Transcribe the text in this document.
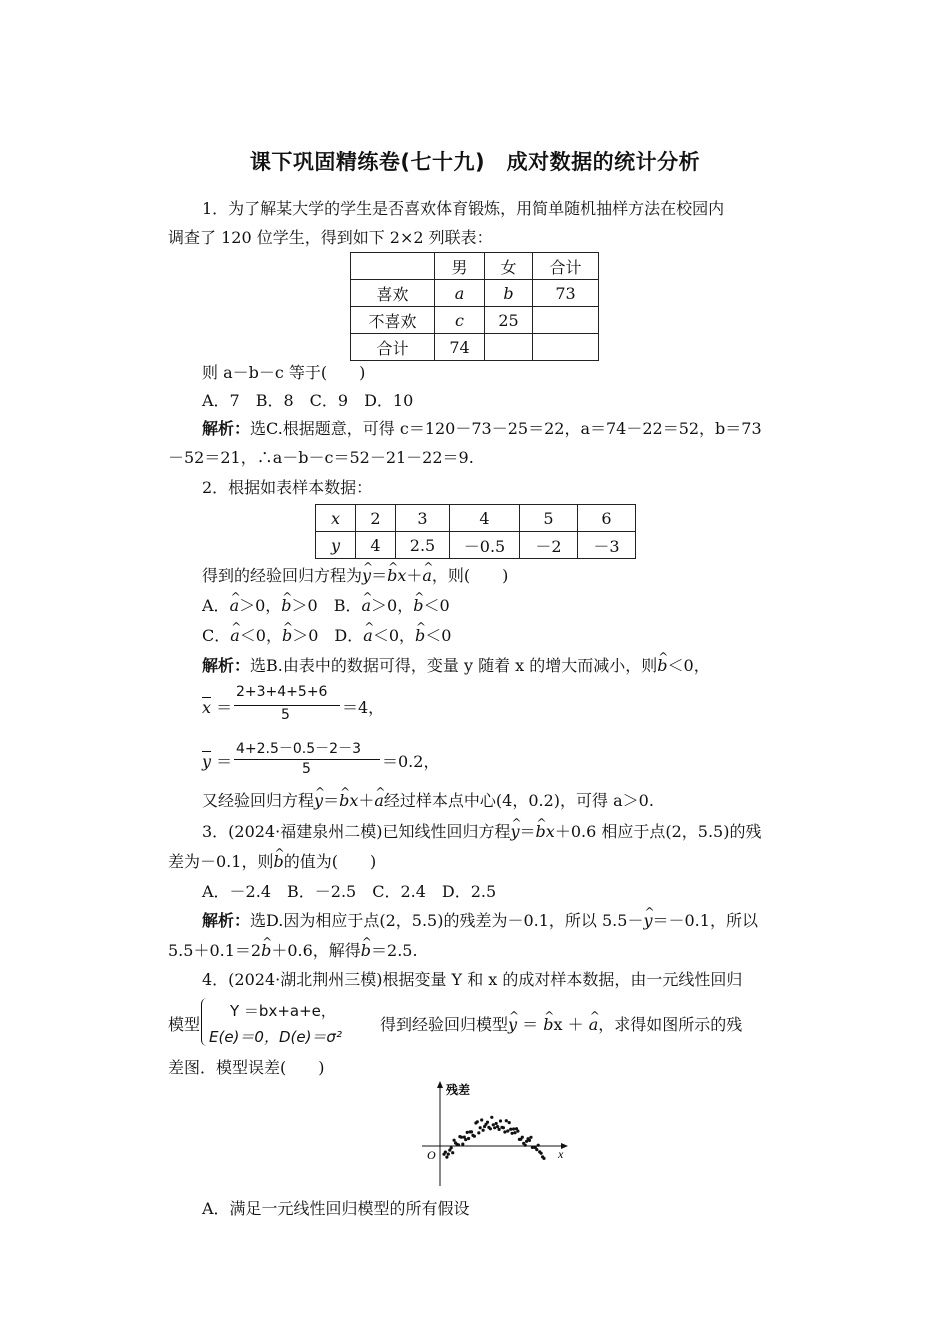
课下巩固精练卷(七十九)　成对数据的统计分析
1．为了解某大学的学生是否喜欢体育锻炼，用简单随机抽样方法在校园内
调查了 120 位学生，得到如下 2×2 列联表：
	男	女	合计
喜欢	a	b	73
不喜欢	c	25	
合计	74		
则 a－b－c 等于(　　)
A．7　B．8　C．9　D．10
解析：选C.根据题意，可得 c＝120－73－25＝22，a＝74－22＝52，b＝73
－52＝21，∴a－b－c＝52－21－22＝9.
2．根据如表样本数据：
x	2	3	4	5	6
y	4	2.5	－0.5	－2	－3
得到的经验回归方程为^ y＝^ bx＋^ a，则(　　)
A．^ a＞0，^ b＞0　B．^ a＞0，^ b＜0
C．^ a＜0，^ b＞0　D．^ a＜0，^ b＜0
解析：选B.由表中的数据可得，变量 y 随着 x 的增大而减小，则^ b＜0，
$\overline{x}$ ＝
2+3+4+5+6
5	＝4，
$\overline{y}$ ＝
4+2.5－0.5－2－3
5	＝0.2，
又经验回归方程^ y＝^ bx＋^ a经过样本点中心(4，0.2)，可得 a＞0.
3．(2024·福建泉州二模)已知线性回归方程^ y＝^ bx＋0.6 相应于点(2，5.5)的残
差为－0.1，则^ b的值为(　　)
A．－2.4　B．－2.5　C．2.4　D．2.5
解析：选D.因为相应于点(2，5.5)的残差为－0.1，所以 5.5－^ y＝－0.1，所以
5.5＋0.1＝2^ b＋0.6，解得^ b＝2.5.
4．(2024·湖北荆州三模)根据变量 Y 和 x 的成对样本数据，由一元线性回归
模型
Y ＝bx+a+e，
E(e)＝0，D(e)＝σ²
得到经验回归模型^ y ＝ ^ bx ＋ ^ a，求得如图所示的残
差图．模型误差(　　)
残差
O	x
A．满足一元线性回归模型的所有假设
